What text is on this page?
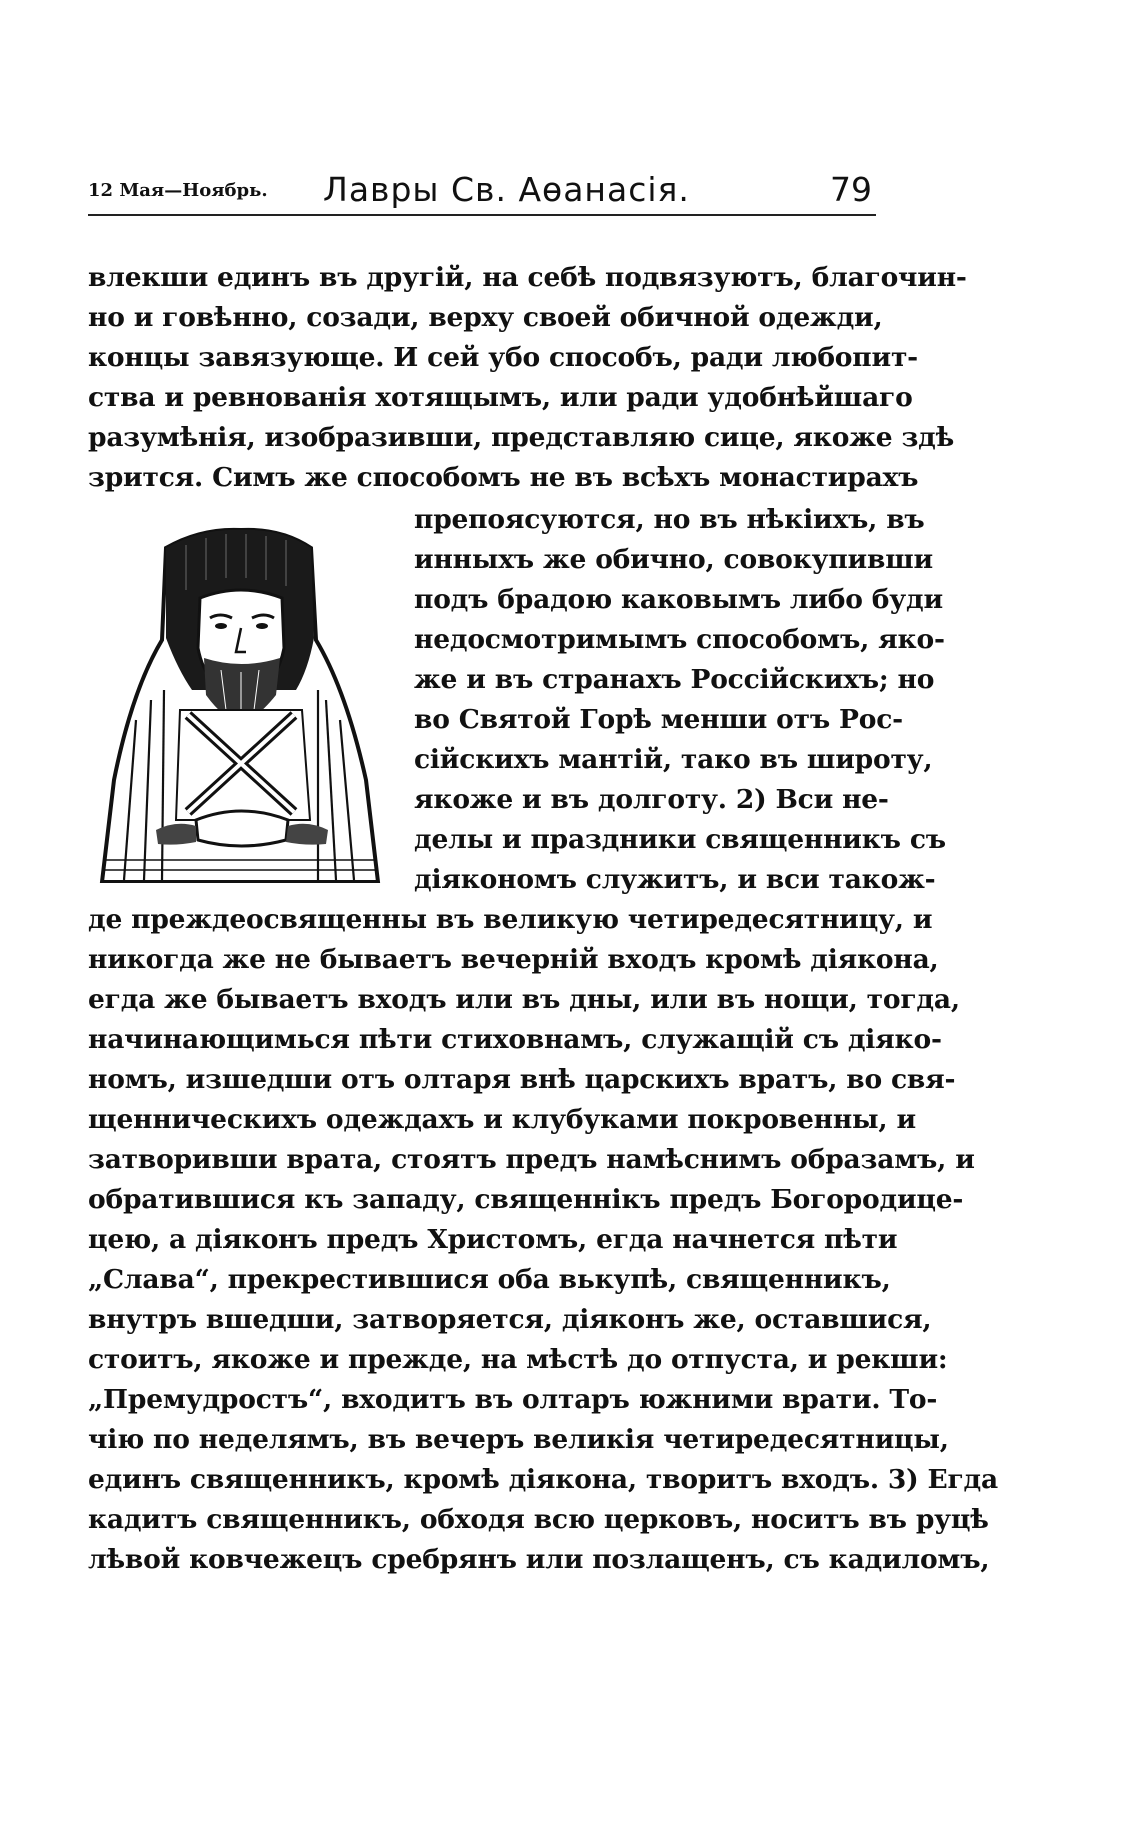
12 Мая—Ноябрь. Лавры Св. Аѳанасія.	79
влекши единъ въ другій, на себѣ подвязуютъ, благочин-
но и говѣнно, созади, верху своей обичной одежди,
концы завязующе. И сей убо способъ, ради любопит-
ства и ревнованія хотящымъ, или ради удобнѣйшаго
разумѣнія, изобразивши, представляю сице, якоже здѣ
зрится. Симъ же способомъ не въ всѣхъ монастирахъ
препоясуются, но въ нѣкіихъ, въ
инныхъ же обично, совокупивши
подъ брадою каковымъ либо буди
недосмотримымъ способомъ, яко-
же и въ странахъ Россійскихъ; но
во Святой Горѣ менши отъ Рос-
сійскихъ мантій, тако въ широту,
якоже и въ долготу. 2) Вси не-
делы и праздники священникъ съ
діякономъ служитъ, и вси також-
де преждеосвященны въ великую четиредесятницу, и
никогда же не бываетъ вечерній входъ кромѣ діякона,
егда же бываетъ входъ или въ дны, или въ нощи, тогда,
начинающимься пѣти стиховнамъ, служащій съ діяко-
номъ, изшедши отъ олтаря внѣ царскихъ вратъ, во свя-
щенническихъ одеждахъ и клубуками покровенны, и
затворивши врата, стоятъ предъ намѣснимъ образамъ, и
обратившися къ западу, священнікъ предъ Богородице-
цею, а діяконъ предъ Христомъ, егда начнется пѣти
„Слава“, прекрестившися оба вькупѣ, священникъ,
внутръ вшедши, затворяется, діяконъ же, оставшися,
стоитъ, якоже и прежде, на мѣстѣ до отпуста, и рекши:
„Премудростъ“, входитъ въ олтаръ южними врати. То-
чію по неделямъ, въ вечеръ великія четиредесятницы,
единъ священникъ, кромѣ діякона, творитъ входъ. 3) Егда
кадитъ священникъ, обходя всю церковъ, носитъ въ руцѣ
лѣвой ковчежецъ сребрянъ или позлащенъ, съ кадиломъ,
